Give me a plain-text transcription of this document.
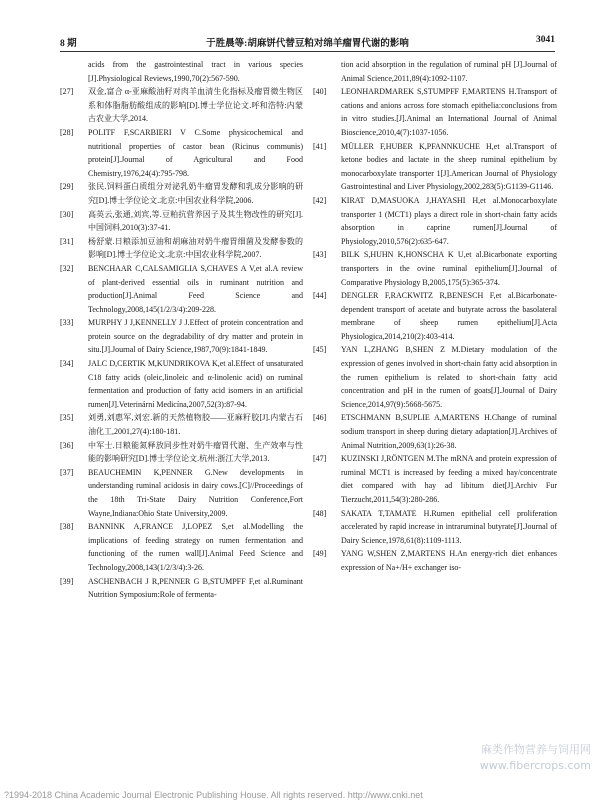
8 期	于胜晨等:胡麻饼代替豆粕对绵羊瘤胃代谢的影响	3041
acids from the gastrointestinal tract in various species [J].Physiological Reviews,1990,70(2):567-590.
[27] 双金,富合 α-亚麻酸油籽对肉羊血清生化指标及瘤胃微生物区系和体脂脂肪酸组成的影响[D].博士学位论文.呼和浩特:内蒙古农业大学,2014.
[28] POLITF F,SCARBIERI V C.Some physicochemical and nutritional properties of castor bean (Ricinus communis) protein[J].Journal of Agricultural and Food Chemistry,1976,24(4):795-798.
[29] 张民.饲料蛋白质组分对泌乳奶牛瘤胃发酵和乳成分影响的研究[D].博士学位论文.北京:中国农业科学院,2006.
[30] 高英云,张通,刘宾,等.豆粕抗营养因子及其生物改性的研究[J].中国饲料,2010(3):37-41.
[31] 杨舒蒙.日粮添加豆油和胡麻油对奶牛瘤胃细菌及发酵参数的影响[D].博士学位论文.北京:中国农业科学院,2007.
[32] BENCHAAR C,CALSAMIGLIA S,CHAVES A V,et al.A review of plant-derived essential oils in ruminant nutrition and production[J].Animal Feed Science and Technology,2008,145(1/2/3/4):209-228.
[33] MURPHY J J,KENNELLY J J.Effect of protein concentration and protein source on the degradability of dry matter and protein in situ.[J].Journal of Dairy Science,1987,70(9):1841-1849.
[34] JALC D,CERTIK M,KUNDRIKOVA K,et al.Effect of unsaturated C18 fatty acids (oleic,linoleic and α-linolenic acid) on ruminal fermentation and production of fatty acid isomers in an artificial rumen[J].Veterinární Medicína,2007,52(3):87-94.
[35] 刘勇,刘惠军,刘宏.新的天然植物胶——亚麻籽胶[J].内蒙古石油化工,2001,27(4):180-181.
[36] 中军士.日粮能氮释放同步性对奶牛瘤胃代谢、生产效率与性能的影响研究[D].博士学位论文.杭州:浙江大学,2013.
[37] BEAUCHEMIN K,PENNER G.New developments in understanding ruminal acidosis in dairy cows.[C]//Proceedings of the 18th Tri-State Dairy Nutrition Conference,Fort Wayne,Indiana:Ohio State University,2009.
[38] BANNINK A,FRANCE J,LOPEZ S,et al.Modelling the implications of feeding strategy on rumen fermentation and functioning of the rumen wall[J].Animal Feed Science and Technology,2008,143(1/2/3/4):3-26.
[39] ASCHENBACH J R,PENNER G B,STUMPFF F,et al.Ruminant Nutrition Symposium:Role of fermenta-
tion acid absorption in the regulation of ruminal pH [J].Journal of Animal Science,2011,89(4):1092-1107.
[40] LEONHARDMAREK S,STUMPFF F,MARTENS H.Transport of cations and anions across fore stomach epithelia:conclusions from in vitro studies.[J].Animal an International Journal of Animal Bioscience,2010,4(7):1037-1056.
[41] MÜLLER F,HUBER K,PFANNKUCHE H,et al.Transport of ketone bodies and lactate in the sheep ruminal epithelium by monocarboxylate transporter 1[J].American Journal of Physiology Gastrointestinal and Liver Physiology,2002,283(5):G1139-G1146.
[42] KIRAT D,MASUOKA J,HAYASHI H,et al.Monocarboxylate transporter 1 (MCT1) plays a direct role in short-chain fatty acids absorption in caprine rumen[J].Journal of Physiology,2010,576(2):635-647.
[43] BILK S,HUHN K,HONSCHA K U,et al.Bicarbonate exporting transporters in the ovine ruminal epithelium[J].Journal of Comparative Physiology B,2005,175(5):365-374.
[44] DENGLER F,RACKWITZ R,BENESCH F,et al.Bicarbonate-dependent transport of acetate and butyrate across the basolateral membrane of sheep rumen epithelium[J].Acta Physiologica,2014,210(2):403-414.
[45] YAN L,ZHANG B,SHEN Z M.Dietary modulation of the expression of genes involved in short-chain fatty acid absorption in the rumen epithelium is related to short-chain fatty acid concentration and pH in the rumen of goats[J].Journal of Dairy Science,2014,97(9):5668-5675.
[46] ETSCHMANN B,SUPLIE A,MARTENS H.Change of ruminal sodium transport in sheep during dietary adaptation[J].Archives of Animal Nutrition,2009,63(1):26-38.
[47] KUZINSKI J,RÖNTGEN M.The mRNA and protein expression of ruminal MCT1 is increased by feeding a mixed hay/concentrate diet compared with hay ad libitum diet[J].Archiv Fur Tierzucht,2011,54(3):280-286.
[48] SAKATA T,TAMATE H.Rumen epithelial cell proliferation accelerated by rapid increase in intraruminal butyrate[J].Journal of Dairy Science,1978,61(8):1109-1113.
[49] YANG W,SHEN Z,MARTENS H.An energy-rich diet enhances expression of Na+/H+ exchanger iso-
麻类作物营养与饲用网
www.fibercrops.com
?1994-2018 China Academic Journal Electronic Publishing House. All rights reserved. http://www.cnki.net
